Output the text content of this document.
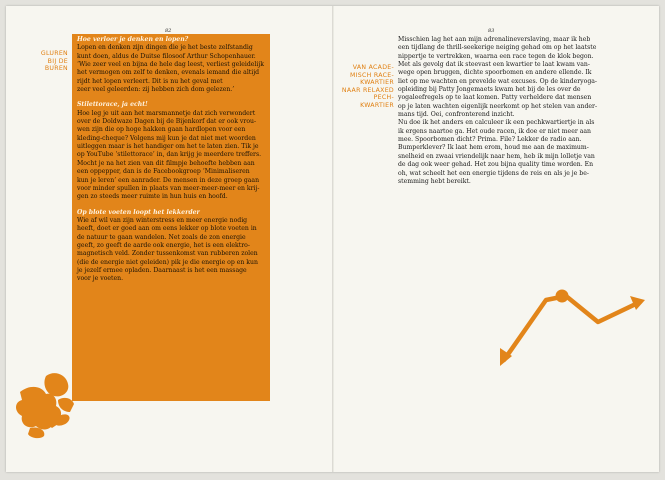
82
GLUREN
BIJ DE
BUREN

Hoe verloer je denken en lopen?

Lopen en denken zijn dingen die je het beste zelfstandig

kunt doen, aldus de Duitse filosoof Arthur Schopenhauer.

‘Wie zeer veel en bijna de hele dag leest, verliest geleidelijk

het vermogen om zelf te denken, evenals iemand die altijd

rijdt het lopen verleert. Dit is nu het geval met

zeer veel geleerden: zij hebben zich dom gelezen.’

Stilettorace, ja echt!

Hoe leg je uit aan het marsmannetje dat zich verwondert

over de Doldwaze Dagen bij de Bijenkorf dat er ook vrou-

wen zijn die op hoge hakken gaan hardlopen voor een

kleding-cheque? Volgens mij kun je dat niet met woorden

uitleggen maar is het handiger om het te laten zien. Tik je

op YouTube ‘stilettorace’ in, dan krijg je meerdere treffers.

Mocht je na het zien van dit filmpje behoefte hebben aan

een oppepper, dan is de Facebookgroep ‘Minimaliseren

kun je leren’ een aanrader. De mensen in deze groep gaan

voor minder spullen in plaats van meer-meer-meer en krij-

gen zo steeds meer ruimte in hun huis en hoofd.

Op blote voeten loopt het lekkerder

Wie af wil van zijn winterstress en meer energie nodig

heeft, doet er goed aan om eens lekker op blote voeten in

de natuur te gaan wandelen. Net zoals de zon energie

geeft, zo geeft de aarde ook energie, het is een elektro-

magnetisch veld. Zonder tussenkomst van rubberen zolen

(die de energie niet geleiden) pik je die energie op en kun

je jezelf ermee opladen. Daarnaast is het een massage

voor je voeten.

83
VAN ACADE-
MISCH RACE-
KWARTIER
NAAR RELAXED
PECH-
KWARTIER

Misschien lag het aan mijn adrenalineverslaving, maar ik heb

een tijdlang de thrill-seekerige neiging gehad om op het laatste

nippertje te vertrekken, waarna een race tegen de klok begon.

Met als gevolg dat ik steevast een kwartier te laat kwam van-

wege open bruggen, dichte spoorbomen en andere ellende. Ik

liet op me wachten en prevelde wat excuses. Op de kinderyoga-

opleiding bij Patty Jongemaets kwam het bij de les over de

yogaleefregels op te laat komen. Patty verheldere dat mensen

op je laten wachten eigenlijk neerkomt op het stelen van ander-

mans tijd. Oei, confronterend inzicht.

Nu doe ik het anders en calculeer ik een pechkwartiertje in als

ik ergens naartoe ga. Het oude racen, ik doe er niet meer aan

mee. Spoorbomen dicht? Prima. File? Lekker de radio aan.

Bumperklever? Ik laat hem erom, houd me aan de maximum-

snelheid en zwaai vriendelijk naar hem, heb ik mijn lolletje van

de dag ook weer gehad. Het zou bijna quality time worden. En

oh, wat scheelt het een energie tijdens de reis en als je je be-

stemming hebt bereikt.
